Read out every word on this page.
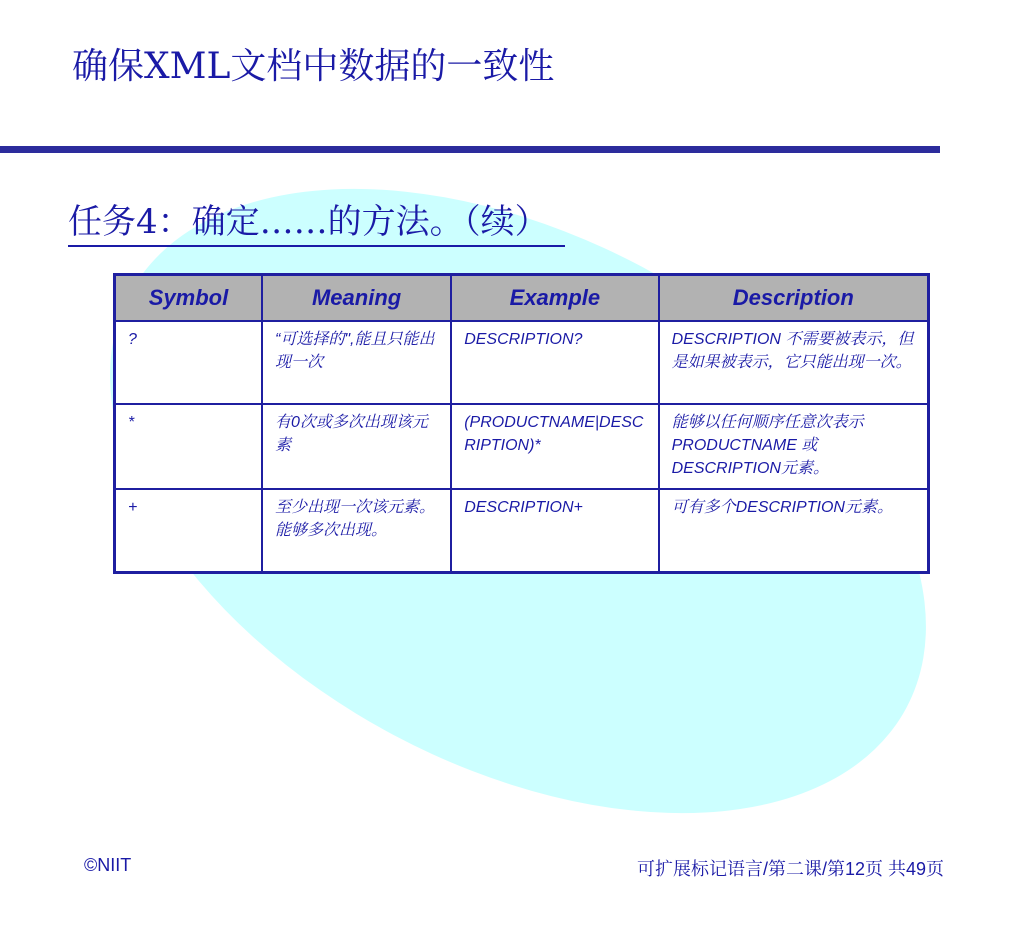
确保XML文档中数据的一致性
任务4：确定……的方法。（续）
Symbol	Meaning	Example	Description
?	“可选择的",能且只能出现一次	DESCRIPTION?	DESCRIPTION 不需要被表示，但是如果被表示，它只能出现一次。
*	有0次或多次出现该元素	(PRODUCTNAME|DESCRIPTION)*	能够以任何顺序任意次表示 PRODUCTNAME 或 DESCRIPTION元素。
+	至少出现一次该元素。能够多次出现。	DESCRIPTION+	可有多个DESCRIPTION元素。
©NIIT	可扩展标记语言/第二课/第12页 共49页
